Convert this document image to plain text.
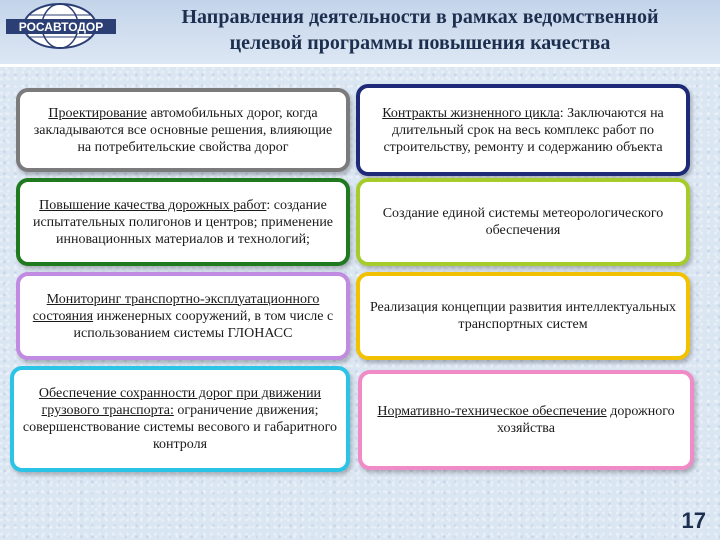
РОСАВТОДОР	Направления деятельности в рамках ведомственной
целевой программы повышения качества
Проектирование автомобильных дорог, когда закладываются все основные решения, влияющие на потребительские свойства дорог
Контракты жизненного цикла: Заключаются на длительный срок на весь комплекс работ по строительству, ремонту и содержанию объекта
Повышение качества дорожных работ: создание испытательных полигонов и центров; применение инновационных материалов и технологий;
Создание единой системы метеорологического обеспечения
Мониторинг транспортно-эксплуатационного состояния инженерных сооружений, в том числе с использованием системы ГЛОНАСС
Реализация концепции развития интеллектуальных транспортных систем
Обеспечение сохранности дорог при движении грузового транспорта: ограничение движения; совершенствование системы весового и габаритного контроля
Нормативно-техническое обеспечение дорожного хозяйства
17
